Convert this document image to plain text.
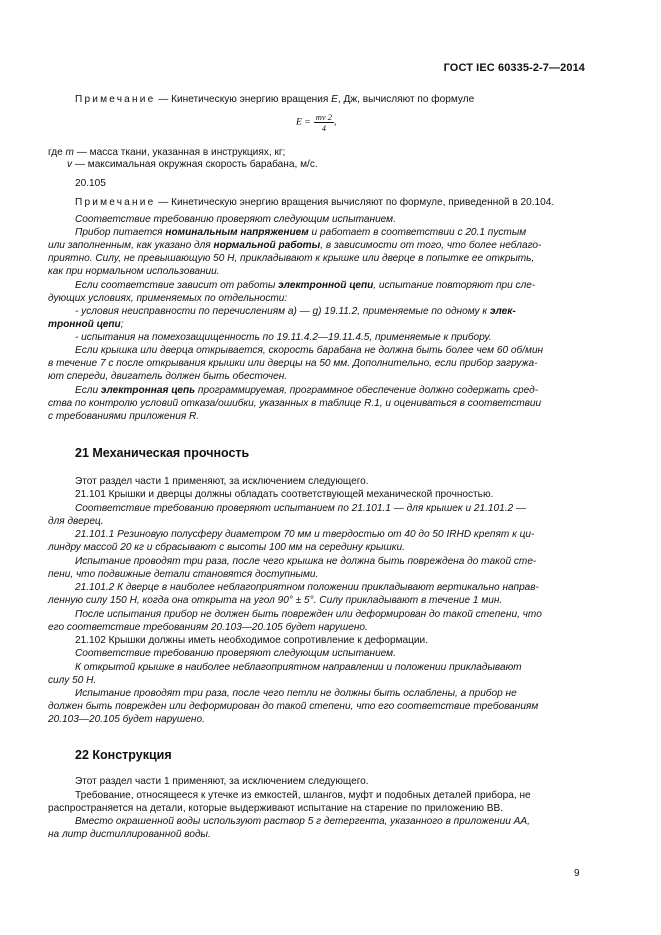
ГОСТ IEC 60335-2-7—2014
Примечание — Кинетическую энергию вращения E, Дж, вычисляют по формуле
$E = \frac{mv 2}{4}$ ,
где m — масса ткани, указанная в инструкциях, кг;
v — максимальная окружная скорость барабана, м/с.
20.105
Примечание — Кинетическую энергию вращения вычисляют по формуле, приведенной в 20.104.
Соответствие требованию проверяют следующим испытанием.
Прибор питается номинальным напряжением и работает в соответствии с 20.1 пустым
или заполненным, как указано для нормальной работы, в зависимости от того, что более неблаго-
приятно. Силу, не превышающую 50 Н, прикладывают к крышке или дверце в попытке ее открыть,
как при нормальном использовании.
Если соответствие зависит от работы электронной цепи, испытание повторяют при сле-
дующих условиях, применяемых по отдельности:
- условия неисправности по перечислениям a) — g) 19.11.2, применяемые по одному к элек-
тронной цепи;
- испытания на помехозащищенность по 19.11.4.2—19.11.4.5, применяемые к прибору.
Если крышка или дверца открывается, скорость барабана не должна быть более чем 60 об/мин
в течение 7 с после открывания крышки или дверцы на 50 мм. Дополнительно, если прибор загружа-
ют спереди, двигатель должен быть обесточен.
Если электронная цепь программируемая, программное обеспечение должно содержать сред-
ства по контролю условий отказа/ошибки, указанных в таблице R.1, и оцениваться в соответствии
с требованиями приложения R.
21 Механическая прочность
Этот раздел части 1 применяют, за исключением следующего.
21.101 Крышки и дверцы должны обладать соответствующей механической прочностью.
Соответствие требованию проверяют испытанием по 21.101.1 — для крышек и 21.101.2 —
для дверец.
21.101.1 Резиновую полусферу диаметром 70 мм и твердостью от 40 до 50 IRHD крепят к ци-
линдру массой 20 кг и сбрасывают с высоты 100 мм на середину крышки.
Испытание проводят три раза, после чего крышка не должна быть повреждена до такой сте-
пени, что подвижные детали становятся доступными.
21.101.2 К дверце в наиболее неблагоприятном положении прикладывают вертикально направ-
ленную силу 150 Н, когда она открыта на угол 90° ± 5°. Силу прикладывают в течение 1 мин.
После испытания прибор не должен быть поврежден или деформирован до такой степени, что
его соответствие требованиям 20.103—20.105 будет нарушено.
21.102 Крышки должны иметь необходимое сопротивление к деформации.
Соответствие требованию проверяют следующим испытанием.
К открытой крышке в наиболее неблагоприятном направлении и положении прикладывают
силу 50 Н.
Испытание проводят три раза, после чего петли не должны быть ослаблены, а прибор не
должен быть поврежден или деформирован до такой степени, что его соответствие требованиям
20.103—20.105 будет нарушено.
22 Конструкция
Этот раздел части 1 применяют, за исключением следующего.
Требование, относящееся к утечке из емкостей, шлангов, муфт и подобных деталей прибора, не
распространяется на детали, которые выдерживают испытание на старение по приложению ВВ.
Вместо окрашенной воды используют раствор 5 г детергента, указанного в приложении АА,
на литр дистиллированной воды.
9
